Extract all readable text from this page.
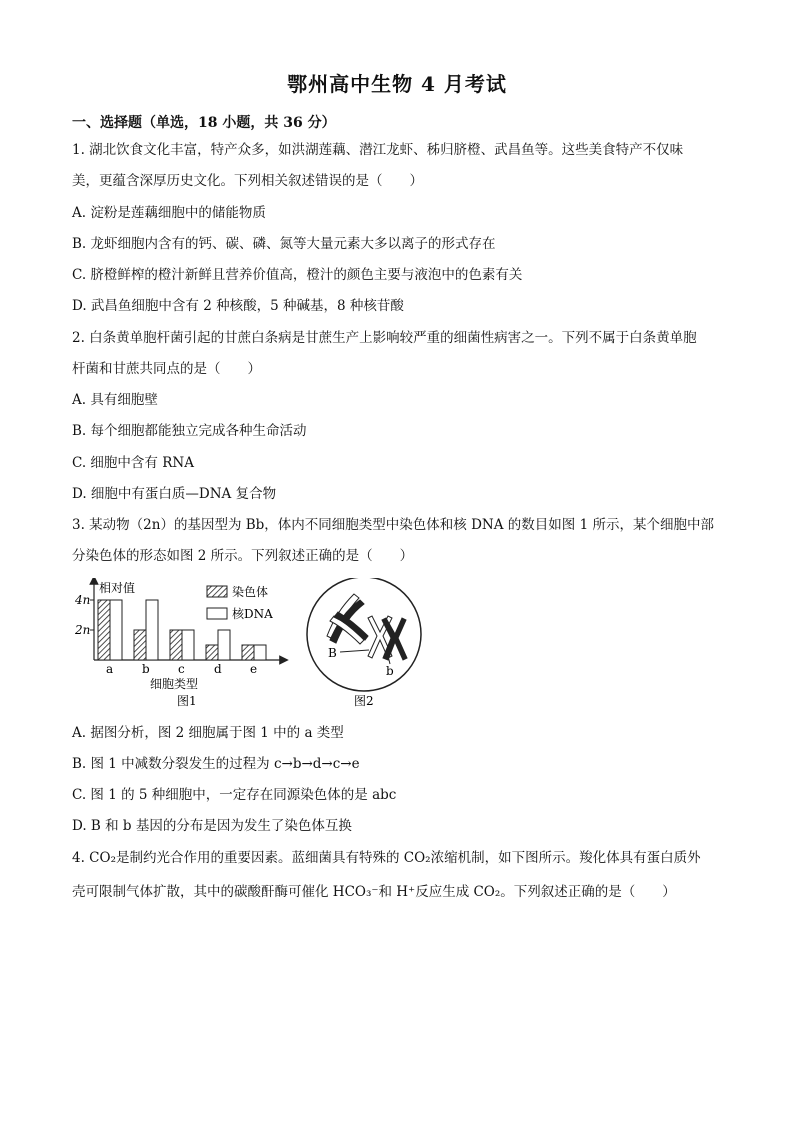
鄂州高中生物 4 月考试
一、选择题（单选，18 小题，共 36 分）
1. 湖北饮食文化丰富，特产众多，如洪湖莲藕、潜江龙虾、秭归脐橙、武昌鱼等。这些美食特产不仅味
美，更蕴含深厚历史文化。下列相关叙述错误的是（　　）
A. 淀粉是莲藕细胞中的储能物质
B. 龙虾细胞内含有的钙、碳、磷、氮等大量元素大多以离子的形式存在
C. 脐橙鲜榨的橙汁新鲜且营养价值高，橙汁的颜色主要与液泡中的色素有关
D. 武昌鱼细胞中含有 2 种核酸，5 种碱基，8 种核苷酸
2. 白条黄单胞杆菌引起的甘蔗白条病是甘蔗生产上影响较严重的细菌性病害之一。下列不属于白条黄单胞
杆菌和甘蔗共同点的是（　　）
A. 具有细胞壁
B. 每个细胞都能独立完成各种生命活动
C. 细胞中含有 RNA
D. 细胞中有蛋白质—DNA 复合物
3. 某动物（2n）的基因型为 Bb，体内不同细胞类型中染色体和核 DNA 的数目如图 1 所示，某个细胞中部
分染色体的形态如图 2 所示。下列叙述正确的是（　　）
相对值
4n
2n
a b c d e
染色体
核DNA
细胞类型
图1
B
b
图2
A. 据图分析，图 2 细胞属于图 1 中的 a 类型
B. 图 1 中减数分裂发生的过程为 c→b→d→c→e
C. 图 1 的 5 种细胞中，一定存在同源染色体的是 abc
D. B 和 b 基因的分布是因为发生了染色体互换
4. CO₂是制约光合作用的重要因素。蓝细菌具有特殊的 CO₂浓缩机制，如下图所示。羧化体具有蛋白质外
壳可限制气体扩散，其中的碳酸酐酶可催化 HCO₃⁻和 H⁺反应生成 CO₂。下列叙述正确的是（　　）
